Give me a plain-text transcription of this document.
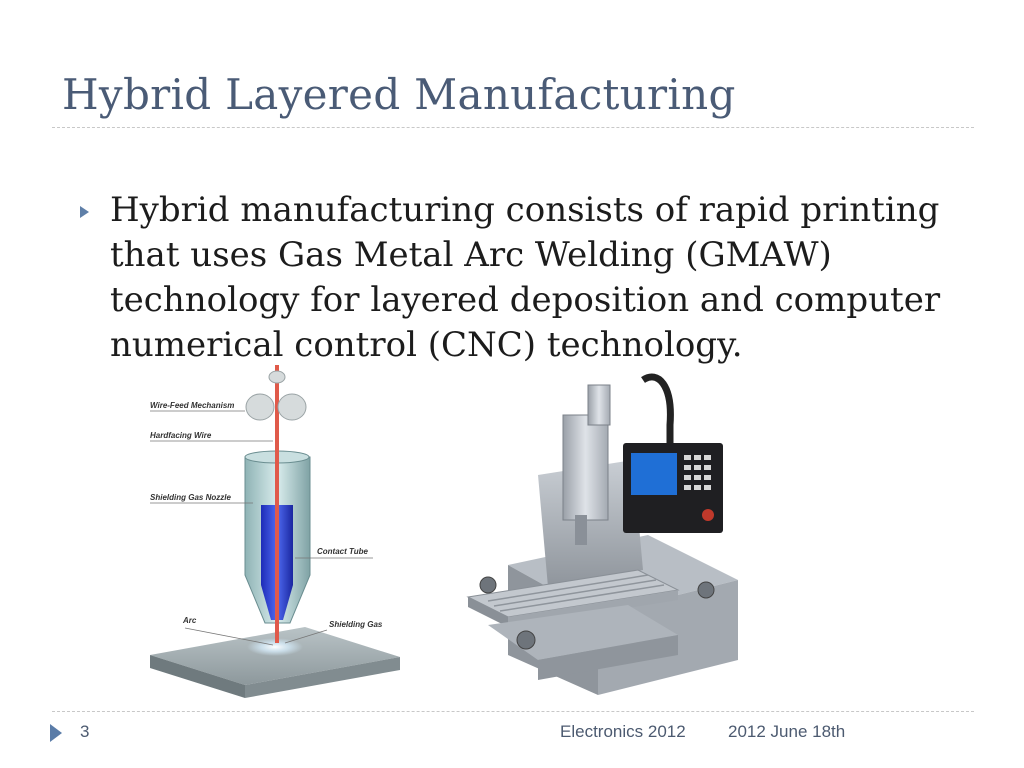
Hybrid Layered Manufacturing
Hybrid manufacturing consists of rapid printing that uses Gas Metal Arc Welding (GMAW) technology for layered deposition and computer numerical control (CNC) technology.
Wire-Feed Mechanism
Hardfacing Wire
Shielding Gas Nozzle
Contact Tube
Arc	Shielding Gas
3	Electronics 2012 2012 June 18th
